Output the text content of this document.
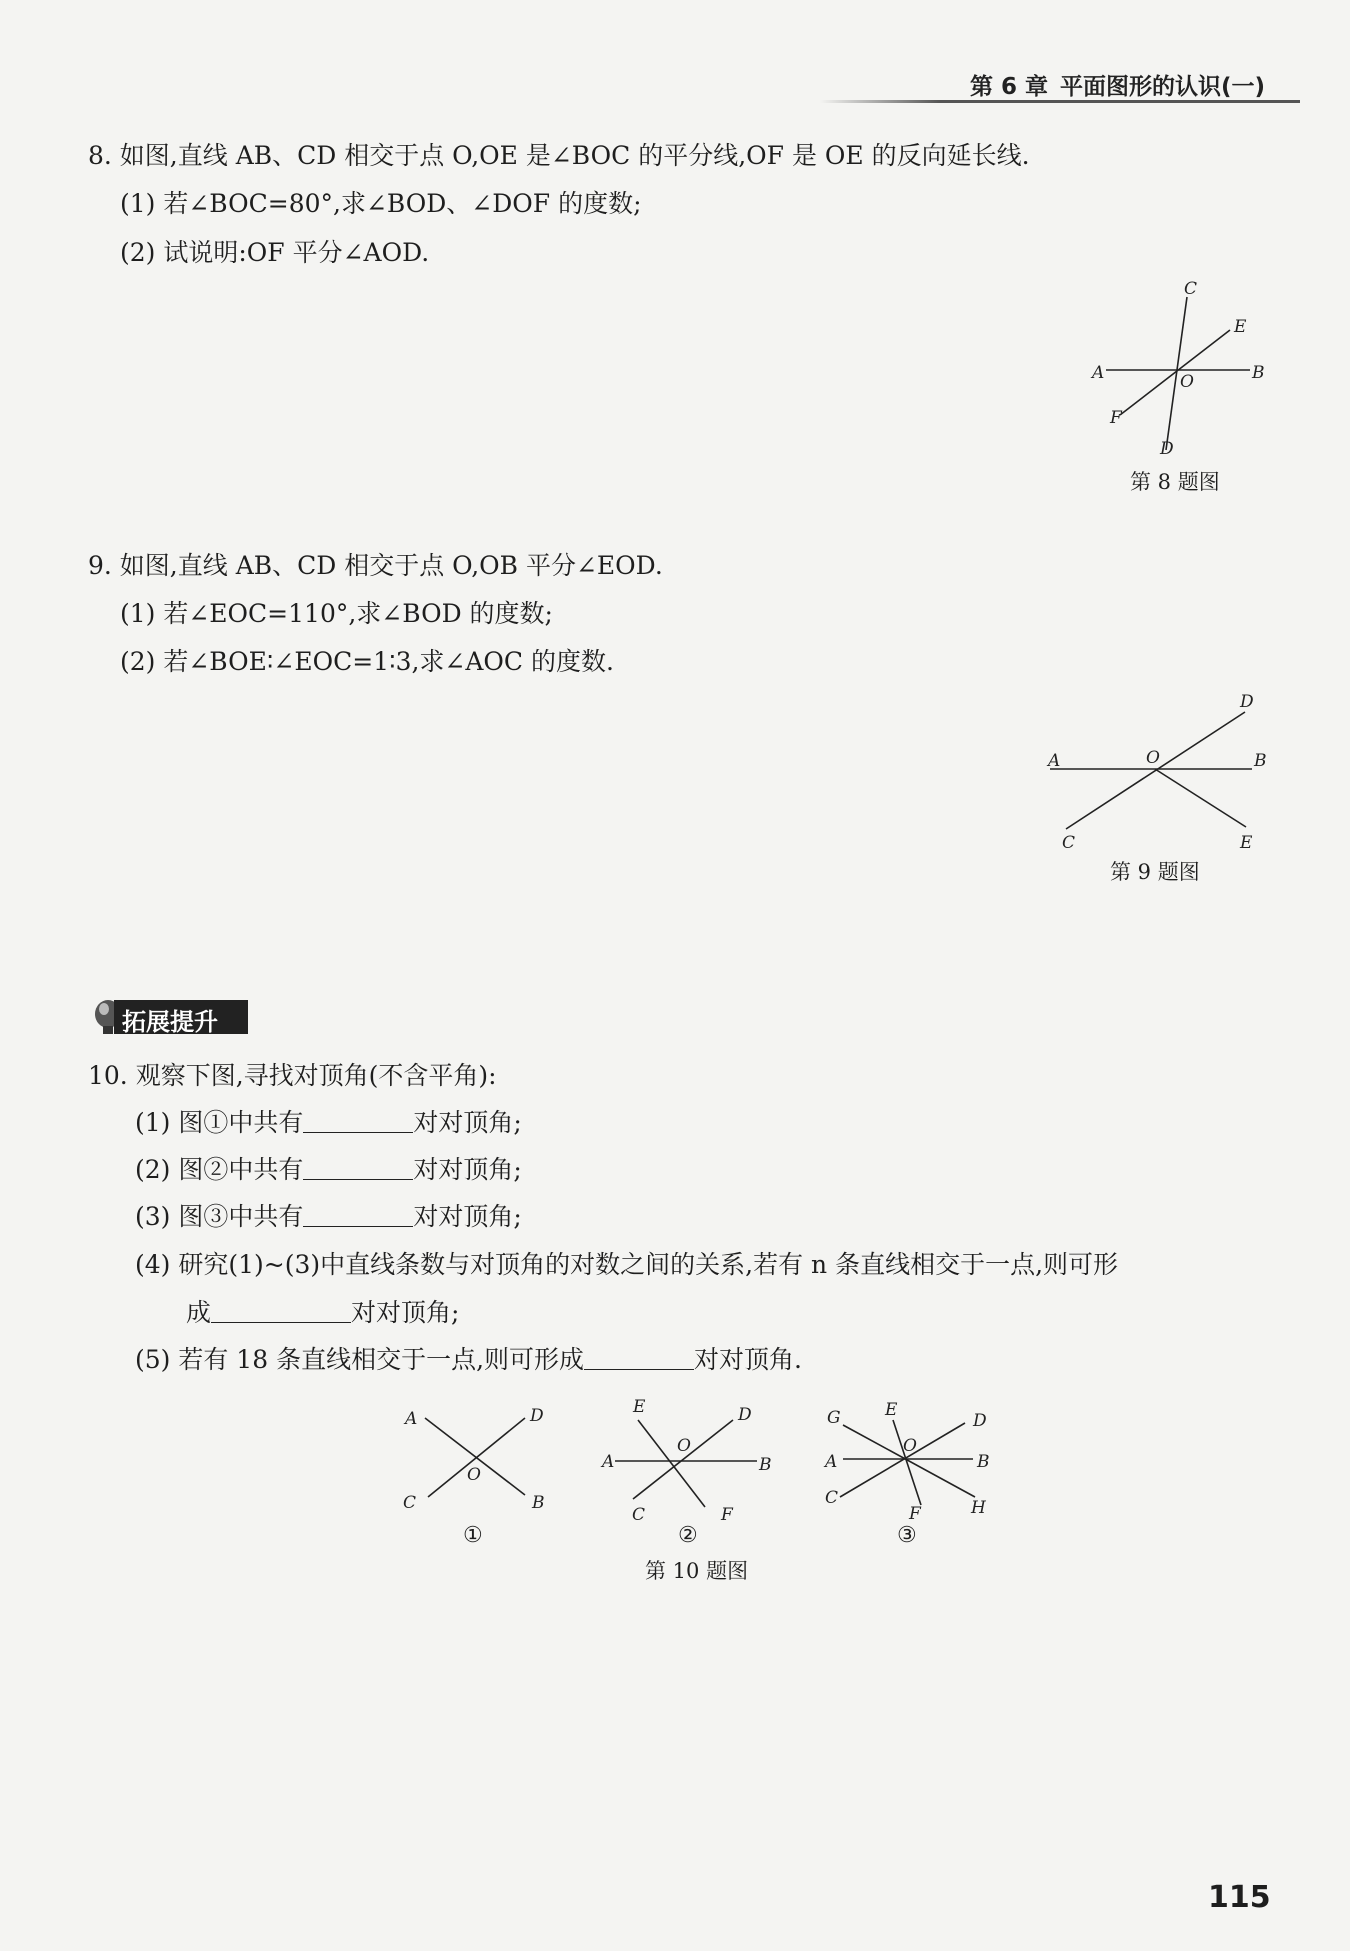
第 6 章 平面图形的认识(一)
8. 如图,直线 AB、CD 相交于点 O,OE 是∠BOC 的平分线,OF 是 OE 的反向延长线.
(1) 若∠BOC=80°,求∠BOD、∠DOF 的度数;
(2) 试说明:OF 平分∠AOD.
A	B
C
D
E
F
O
第 8 题图
9. 如图,直线 AB、CD 相交于点 O,OB 平分∠EOD.
(1) 若∠EOC=110°,求∠BOD 的度数;
(2) 若∠BOE∶∠EOC=1∶3,求∠AOC 的度数.
A	B
C
D
E
O
第 9 题图
拓展提升
10. 观察下图,寻找对顶角(不含平角):
(1) 图①中共有	对对顶角;
(2) 图②中共有	对对顶角;
(3) 图③中共有	对对顶角;
(4) 研究(1)~(3)中直线条数与对顶角的对数之间的关系,若有 n 条直线相交于一点,则可形
成	对对顶角;
(5) 若有 18 条直线相交于一点,则可形成	对对顶角.
A	D
C	B
O
A	B
E	D
C	F
O
G	E
D
A	B
C
F	H
O
①	②	③
第 10 题图
115
